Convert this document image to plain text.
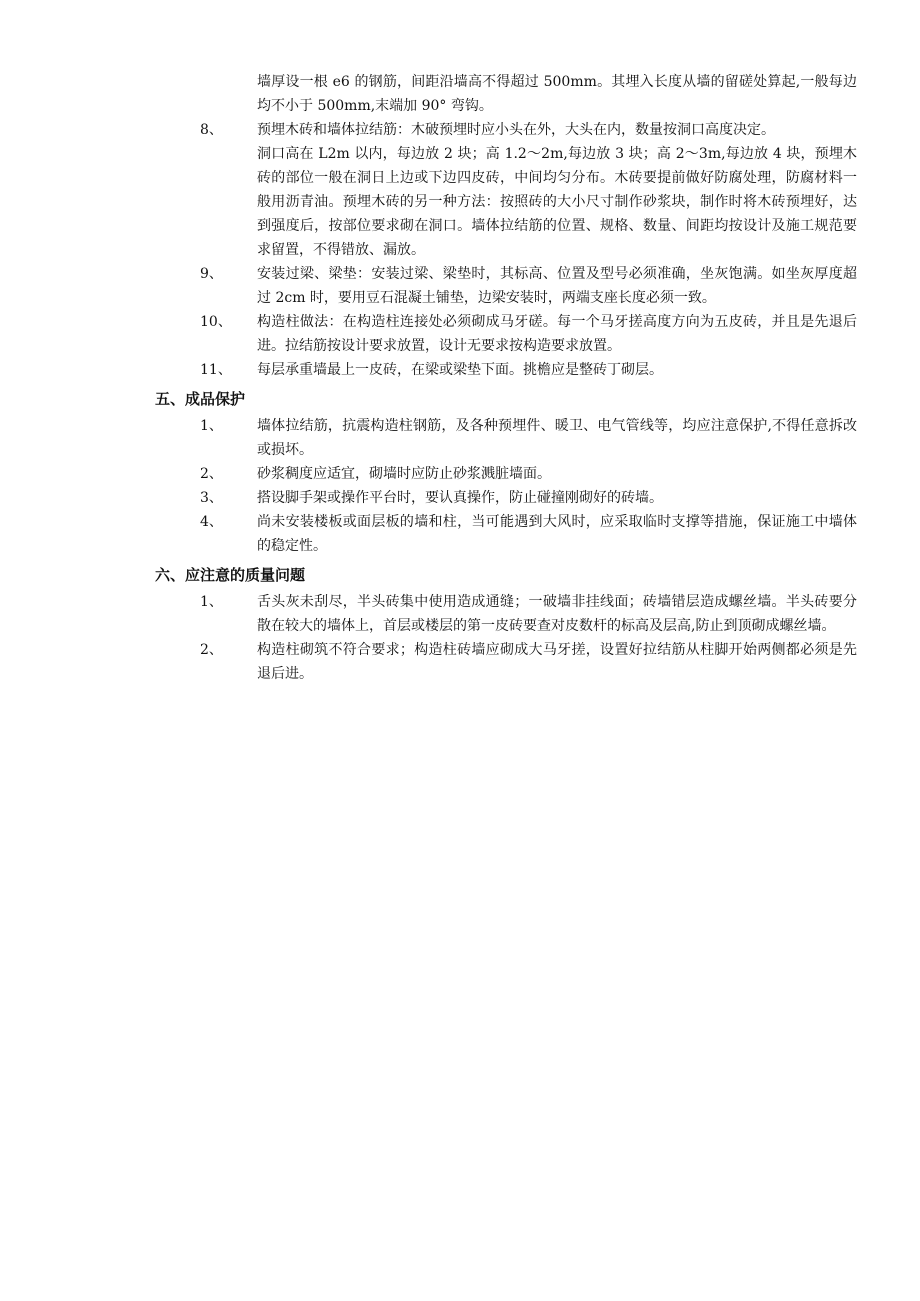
墙厚设一根 e6 的钢筋，间距沿墙高不得超过 500mm。其埋入长度从墙的留磋处算起,一般每边均不小于 500mm,末端加 90° 弯钩。
8、 预埋木砖和墙体拉结筋：木破预埋时应小头在外，大头在内，数量按洞口高度决定。
洞口高在 L2m 以内，每边放 2 块；高 1.2～2m,每边放 3 块；高 2～3m,每边放 4 块，预埋木砖的部位一般在洞日上边或下边四皮砖，中间均匀分布。木砖要提前做好防腐处理，防腐材料一般用沥青油。预埋木砖的另一种方法：按照砖的大小尺寸制作砂浆块，制作时将木砖预埋好，达到强度后，按部位要求砌在洞口。墙体拉结筋的位置、规格、数量、间距均按设计及施工规范要求留置，不得错放、漏放。
9、 安装过梁、梁垫：安装过梁、梁垫时，其标高、位置及型号必须准确，坐灰饱满。如坐灰厚度超过 2cm 时，要用豆石混凝土铺垫，边梁安装时，两端支座长度必须一致。
10、 构造柱做法：在构造柱连接处必须砌成马牙磋。每一个马牙搓高度方向为五皮砖，并且是先退后进。拉结筋按设计要求放置，设计无要求按构造要求放置。
11、 每层承重墙最上一皮砖，在梁或梁垫下面。挑檐应是整砖丁砌层。
五、成品保护
1、 墙体拉结筋，抗震构造柱钢筋，及各种预埋件、暖卫、电气管线等，均应注意保护,不得任意拆改或损坏。
2、 砂浆稠度应适宜，砌墙时应防止砂浆溅脏墙面。
3、 搭设脚手架或操作平台时，要认真操作，防止碰撞刚砌好的砖墙。
4、 尚未安装楼板或面层板的墙和柱，当可能遇到大风时，应采取临时支撑等措施，保证施工中墙体的稳定性。
六、应注意的质量问题
1、 舌头灰未刮尽，半头砖集中使用造成通缝；一破墙非挂线面；砖墙错层造成螺丝墙。半头砖要分散在较大的墙体上，首层或楼层的第一皮砖要查对皮数杆的标高及层高,防止到顶砌成螺丝墙。
2、 构造柱砌筑不符合要求；构造柱砖墙应砌成大马牙搓，设置好拉结筋从柱脚开始两侧都必须是先退后进。
